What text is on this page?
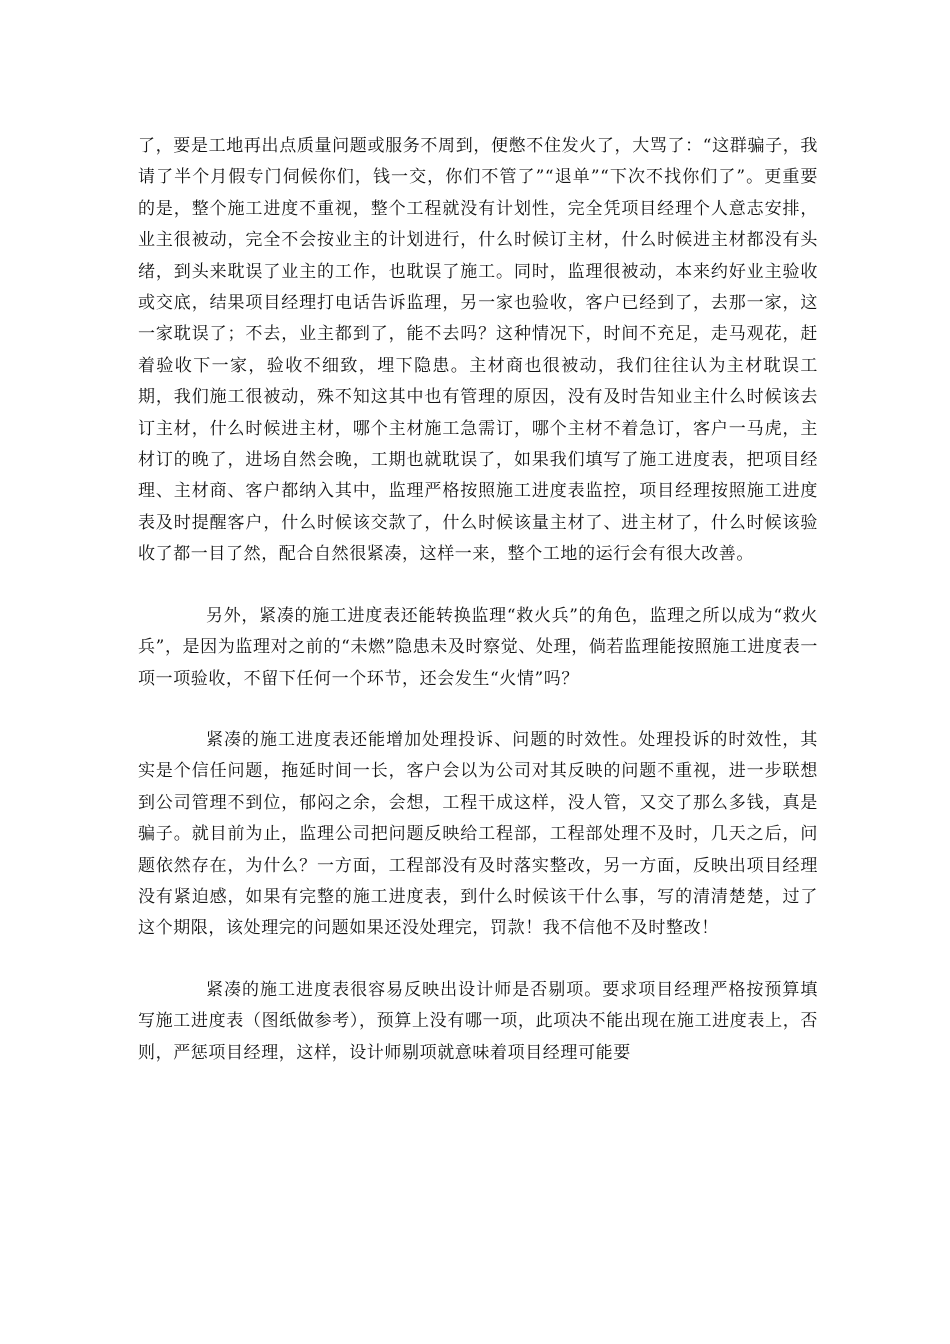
了，要是工地再出点质量问题或服务不周到，便憋不住发火了，大骂了：“这群骗子，我请了半个月假专门伺候你们，钱一交，你们不管了”“退单”“下次不找你们了”。更重要的是，整个施工进度不重视，整个工程就没有计划性，完全凭项目经理个人意志安排，业主很被动，完全不会按业主的计划进行，什么时候订主材，什么时候进主材都没有头绪，到头来耽误了业主的工作，也耽误了施工。同时，监理很被动，本来约好业主验收或交底，结果项目经理打电话告诉监理，另一家也验收，客户已经到了，去那一家，这一家耽误了；不去，业主都到了，能不去吗？这种情况下，时间不充足，走马观花，赶着验收下一家，验收不细致，埋下隐患。主材商也很被动，我们往往认为主材耽误工期，我们施工很被动，殊不知这其中也有管理的原因，没有及时告知业主什么时候该去订主材，什么时候进主材，哪个主材施工急需订，哪个主材不着急订，客户一马虎，主材订的晚了，进场自然会晚，工期也就耽误了，如果我们填写了施工进度表，把项目经理、主材商、客户都纳入其中，监理严格按照施工进度表监控，项目经理按照施工进度表及时提醒客户，什么时候该交款了，什么时候该量主材了、进主材了，什么时候该验收了都一目了然，配合自然很紧凑，这样一来，整个工地的运行会有很大改善。

另外，紧凑的施工进度表还能转换监理“救火兵”的角色，监理之所以成为“救火兵”，是因为监理对之前的“未燃”隐患未及时察觉、处理，倘若监理能按照施工进度表一项一项验收，不留下任何一个环节，还会发生“火情”吗？

紧凑的施工进度表还能增加处理投诉、问题的时效性。处理投诉的时效性，其实是个信任问题，拖延时间一长，客户会以为公司对其反映的问题不重视，进一步联想到公司管理不到位，郁闷之余，会想，工程干成这样，没人管，又交了那么多钱，真是骗子。就目前为止，监理公司把问题反映给工程部，工程部处理不及时，几天之后，问题依然存在，为什么？一方面，工程部没有及时落实整改，另一方面，反映出项目经理没有紧迫感，如果有完整的施工进度表，到什么时候该干什么事，写的清清楚楚，过了这个期限，该处理完的问题如果还没处理完，罚款！我不信他不及时整改！

紧凑的施工进度表很容易反映出设计师是否剔项。要求项目经理严格按预算填写施工进度表（图纸做参考），预算上没有哪一项，此项决不能出现在施工进度表上，否则，严惩项目经理，这样，设计师剔项就意味着项目经理可能要
